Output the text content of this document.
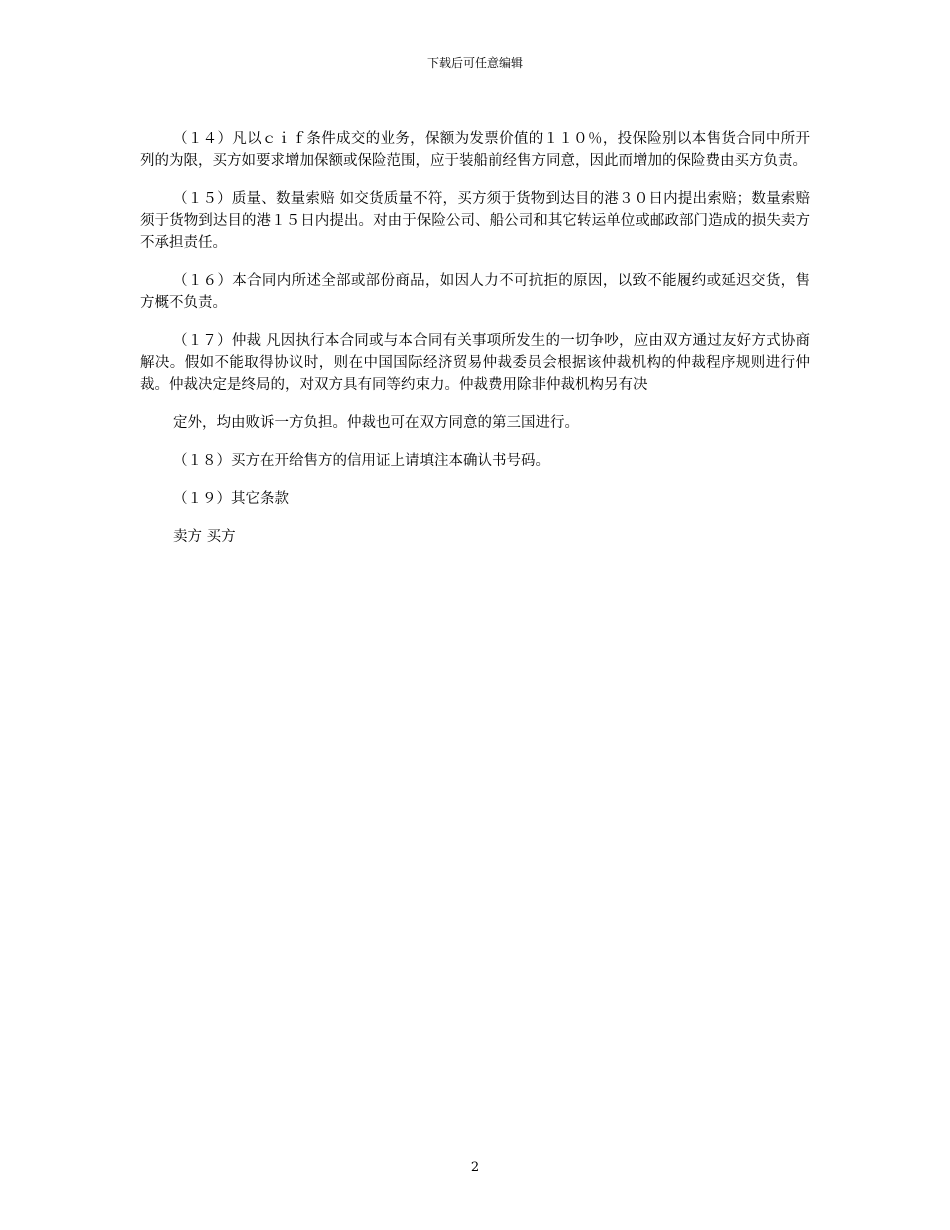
下载后可任意编辑

（１４）凡以ｃｉｆ条件成交的业务，保额为发票价值的１１０％，投保险别以本售货合同中所开列的为限，买方如要求增加保额或保险范围，应于装船前经售方同意，因此而增加的保险费由买方负责。

（１５）质量、数量索赔 如交货质量不符，买方须于货物到达目的港３０日内提出索赔；数量索赔须于货物到达目的港１５日内提出。对由于保险公司、船公司和其它转运单位或邮政部门造成的损失卖方不承担责任。

（１６）本合同内所述全部或部份商品，如因人力不可抗拒的原因，以致不能履约或延迟交货，售方概不负责。

（１７）仲裁 凡因执行本合同或与本合同有关事项所发生的一切争吵，应由双方通过友好方式协商解决。假如不能取得协议时，则在中国国际经济贸易仲裁委员会根据该仲裁机构的仲裁程序规则进行仲裁。仲裁决定是终局的，对双方具有同等约束力。仲裁费用除非仲裁机构另有决

定外，均由败诉一方负担。仲裁也可在双方同意的第三国进行。

（１８）买方在开给售方的信用证上请填注本确认书号码。

（１９）其它条款

卖方 买方

2
